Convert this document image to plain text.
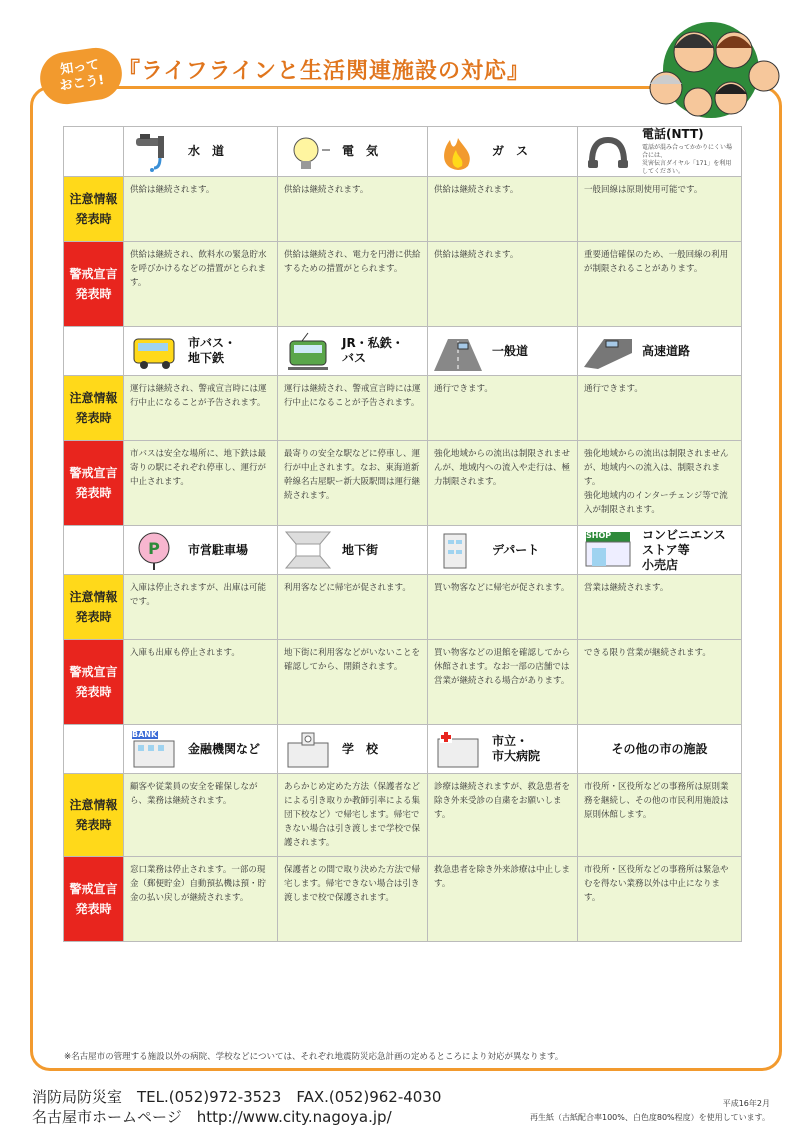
知って
おこう! 『ライフラインと生活関連施設の対応』

	水　道	電　気	ガ　ス	電話(NTT)
電話が混み合ってかかりにくい場合には、
災害伝言ダイヤル「171」を利用してください。

注意情報
発表時	供給は継続されます。	供給は継続されます。	供給は継続されます。	一般回線は原則使用可能です。

警戒宣言
発表時	供給は継続され、飲料水の緊急貯水を呼びかけるなどの措置がとられます。	供給は継続され、電力を円滑に供給するための措置がとられます。	供給は継続されます。	重要通信確保のため、一般回線の利用が制限されることがあります。

	市バス・
地下鉄	JR・私鉄・
バス	一般道	高速道路

注意情報
発表時	運行は継続され、警戒宣言時には運行中止になることが予告されます。	運行は継続され、警戒宣言時には運行中止になることが予告されます。	通行できます。	通行できます。

警戒宣言
発表時	市バスは安全な場所に、地下鉄は最寄りの駅にそれぞれ停車し、運行が中止されます。	最寄りの安全な駅などに停車し、運行が中止されます。なお、東海道新幹線名古屋駅ー新大阪駅間は運行継続されます。	強化地域からの流出は制限されませんが、地域内への流入や走行は、極力制限されます。	強化地域からの流出は制限されませんが、地域内への流入は、制限されます。
強化地域内のインターチェンジ等で流入が制限されます。

P 市営駐車場	地下街	デパート	SHOP コンビニエンスストア等
小売店

注意情報
発表時	入庫は停止されますが、出庫は可能です。	利用客などに帰宅が促されます。	買い物客などに帰宅が促されます。	営業は継続されます。

警戒宣言
発表時	入庫も出庫も停止されます。	地下街に利用客などがいないことを確認してから、閉鎖されます。	買い物客などの退館を確認してから休館されます。なお一部の店舗では営業が継続される場合があります。	できる限り営業が継続されます。

	BANK
金融機関など	学　校	市立・
市大病院	その他の市の施設

注意情報
発表時	顧客や従業員の安全を確保しながら、業務は継続されます。	あらかじめ定めた方法（保護者などによる引き取りか教師引率による集団下校など）で帰宅します。帰宅できない場合は引き渡しまで学校で保護されます。	診療は継続されますが、救急患者を除き外来受診の自粛をお願いします。	市役所・区役所などの事務所は原則業務を継続し、その他の市民利用施設は原則休館します。

警戒宣言
発表時	窓口業務は停止されます。一部の現金（郵便貯金）自動預払機は預・貯金の払い戻しが継続されます。	保護者との間で取り決めた方法で帰宅します。帰宅できない場合は引き渡しまで校で保護されます。	救急患者を除き外来診療は中止します。	市役所・区役所などの事務所は緊急やむを得ない業務以外は中止になります。
※名古屋市の管理する施設以外の病院、学校などについては、それぞれ地震防災応急計画の定めるところにより対応が異なります。
消防局防災室　TEL.(052)972-3523　FAX.(052)962-4030
名古屋市ホームページ　http://www.city.nagoya.jp/
平成16年2月
再生紙（古紙配合率100%、白色度80%程度）を使用しています。
